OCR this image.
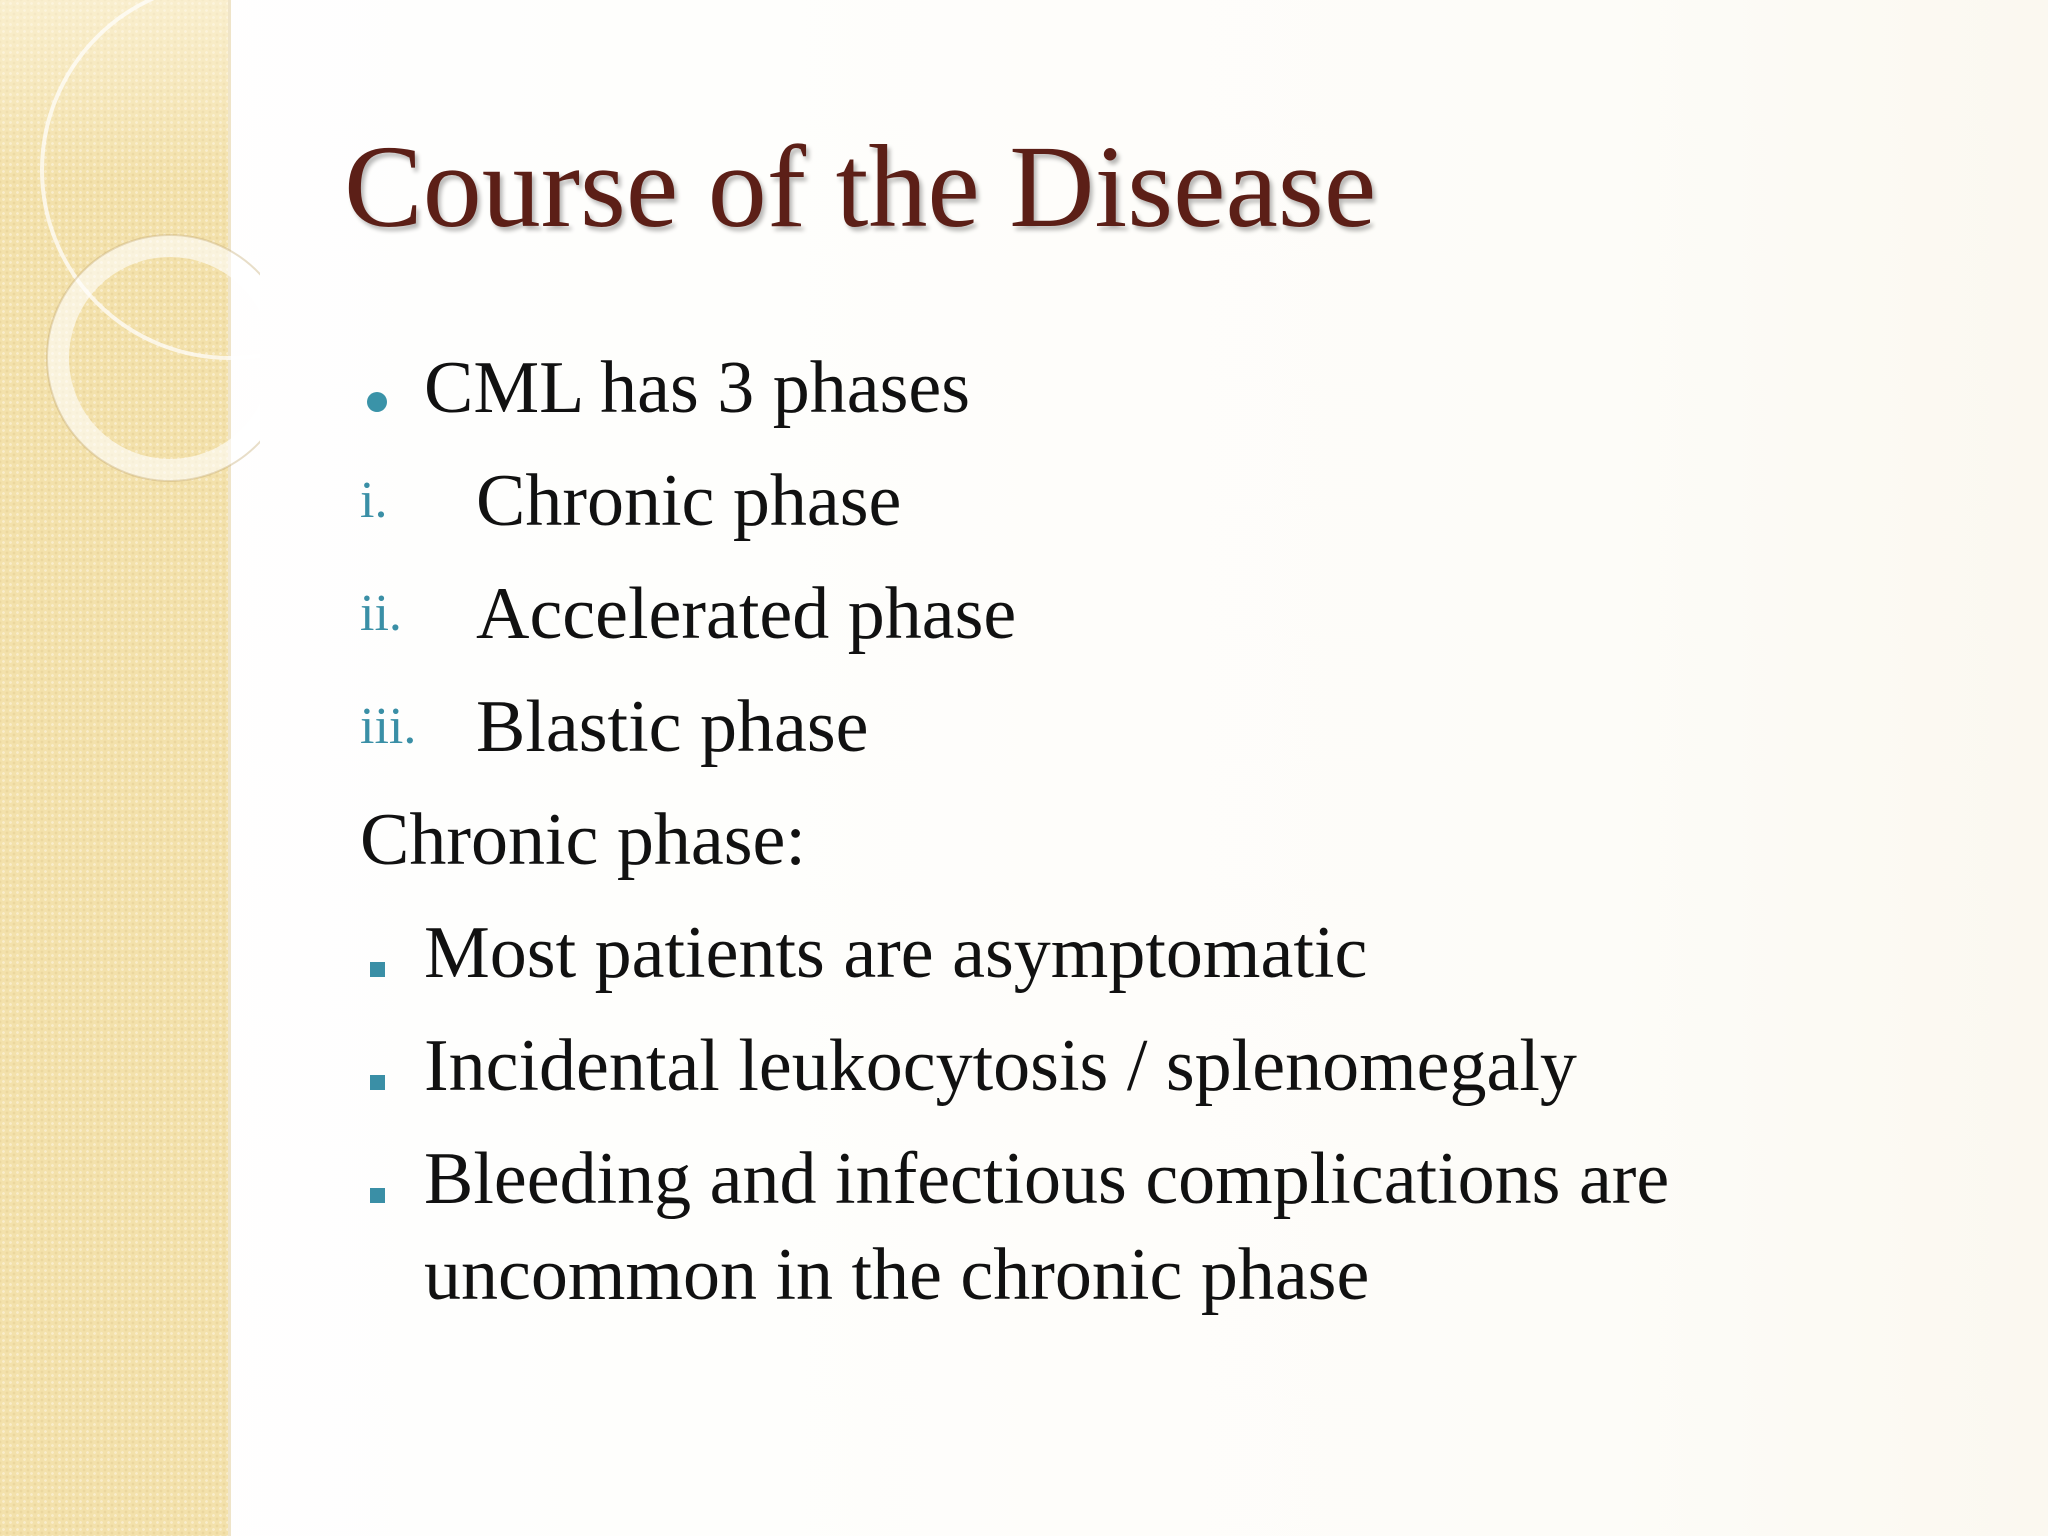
Course of the Disease
CML has 3 phases
i. Chronic phase
ii. Accelerated phase
iii. Blastic phase
Chronic phase:
Most patients are asymptomatic
Incidental leukocytosis / splenomegaly
Bleeding and infectious complications are uncommon in the chronic phase
